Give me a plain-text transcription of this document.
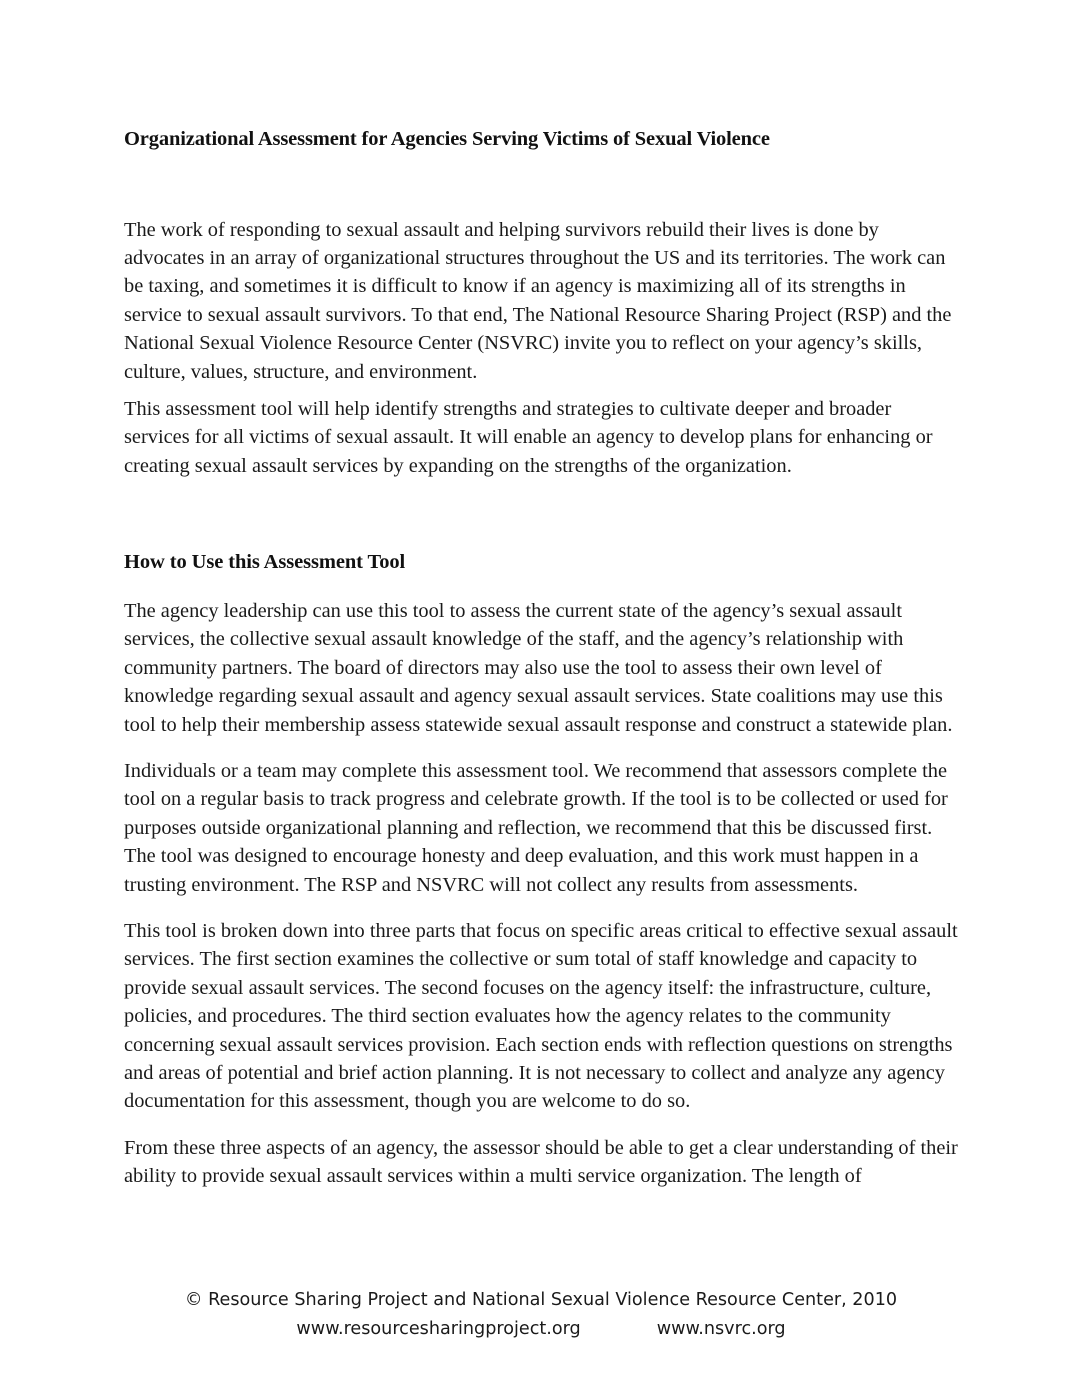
Organizational Assessment for Agencies Serving Victims of Sexual Violence

The work of responding to sexual assault and helping survivors rebuild their lives is done by advocates in an array of organizational structures throughout the US and its territories. The work can be taxing, and sometimes it is difficult to know if an agency is maximizing all of its strengths in service to sexual assault survivors. To that end, The National Resource Sharing Project (RSP) and the National Sexual Violence Resource Center (NSVRC) invite you to reflect on your agency’s skills, culture, values, structure, and environment.

This assessment tool will help identify strengths and strategies to cultivate deeper and broader services for all victims of sexual assault. It will enable an agency to develop plans for enhancing or creating sexual assault services by expanding on the strengths of the organization.

How to Use this Assessment Tool

The agency leadership can use this tool to assess the current state of the agency’s sexual assault services, the collective sexual assault knowledge of the staff, and the agency’s relationship with community partners. The board of directors may also use the tool to assess their own level of knowledge regarding sexual assault and agency sexual assault services. State coalitions may use this tool to help their membership assess statewide sexual assault response and construct a statewide plan.

Individuals or a team may complete this assessment tool. We recommend that assessors complete the tool on a regular basis to track progress and celebrate growth. If the tool is to be collected or used for purposes outside organizational planning and reflection, we recommend that this be discussed first. The tool was designed to encourage honesty and deep evaluation, and this work must happen in a trusting environment. The RSP and NSVRC will not collect any results from assessments.

This tool is broken down into three parts that focus on specific areas critical to effective sexual assault services. The first section examines the collective or sum total of staff knowledge and capacity to provide sexual assault services. The second focuses on the agency itself: the infrastructure, culture, policies, and procedures. The third section evaluates how the agency relates to the community concerning sexual assault services provision. Each section ends with reflection questions on strengths and areas of potential and brief action planning. It is not necessary to collect and analyze any agency documentation for this assessment, though you are welcome to do so.

From these three aspects of an agency, the assessor should be able to get a clear understanding of their ability to provide sexual assault services within a multi service organization. The length of

© Resource Sharing Project and National Sexual Violence Resource Center, 2010
www.resourcesharingproject.org	www.nsvrc.org
